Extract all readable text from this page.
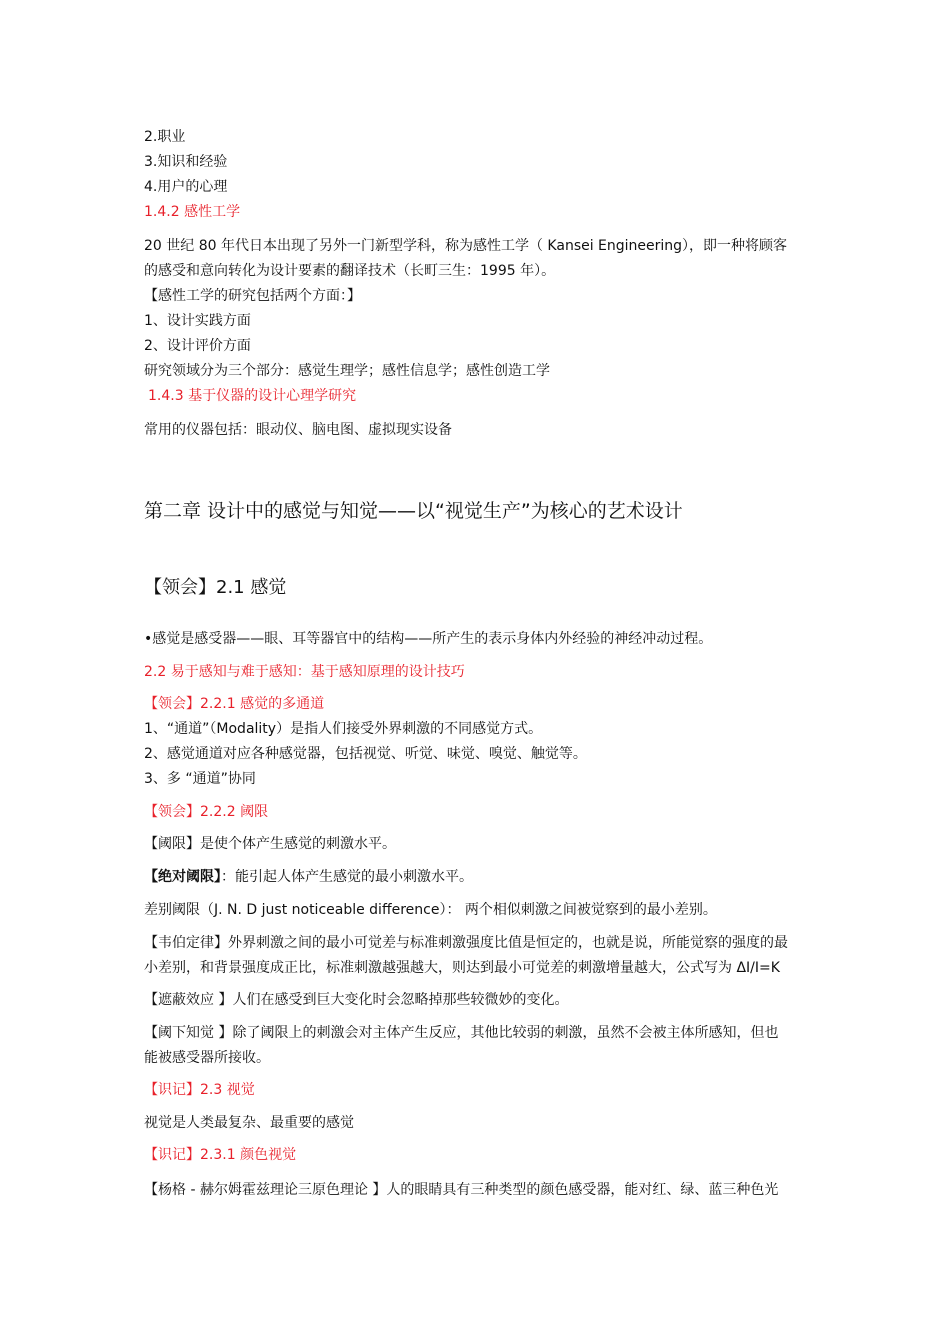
2.职业
3.知识和经验
4.用户的心理
1.4.2 感性工学
20 世纪 80 年代日本出现了另外一门新型学科，称为感性工学（ Kansei Engineering），即一种将顾客
的感受和意向转化为设计要素的翻译技术（长町三生：1995 年）。
【感性工学的研究包括两个方面：】
1、设计实践方面
2、设计评价方面
研究领域分为三个部分：感觉生理学；感性信息学；感性创造工学
1.4.3 基于仪器的设计心理学研究
常用的仪器包括：眼动仪、脑电图、虚拟现实设备
第二章 设计中的感觉与知觉——以“视觉生产”为核心的艺术设计
【领会】2.1 感觉
•感觉是感受器——眼、耳等器官中的结构——所产生的表示身体内外经验的神经冲动过程。
2.2 易于感知与难于感知：基于感知原理的设计技巧
【领会】2.2.1 感觉的多通道
1、“通道”（Modality）是指人们接受外界刺激的不同感觉方式。
2、感觉通道对应各种感觉器，包括视觉、听觉、味觉、嗅觉、触觉等。
3、多 “通道”协同
【领会】2.2.2 阈限
【阈限】是使个体产生感觉的刺激水平。
【绝对阈限】：能引起人体产生感觉的最小刺激水平。
差别阈限（J. N. D just noticeable difference）： 两个相似刺激之间被觉察到的最小差别。
【韦伯定律】外界刺激之间的最小可觉差与标准刺激强度比值是恒定的，也就是说，所能觉察的强度的最
小差别，和背景强度成正比，标准刺激越强越大，则达到最小可觉差的刺激增量越大，公式写为 ΔI/I=K
【遮蔽效应 】人们在感受到巨大变化时会忽略掉那些较微妙的变化。
【阈下知觉 】除了阈限上的刺激会对主体产生反应，其他比较弱的刺激，虽然不会被主体所感知，但也
能被感受器所接收。
【识记】2.3 视觉
视觉是人类最复杂、最重要的感觉
【识记】2.3.1 颜色视觉
【杨格 - 赫尔姆霍兹理论三原色理论 】人的眼睛具有三种类型的颜色感受器，能对红、绿、蓝三种色光
